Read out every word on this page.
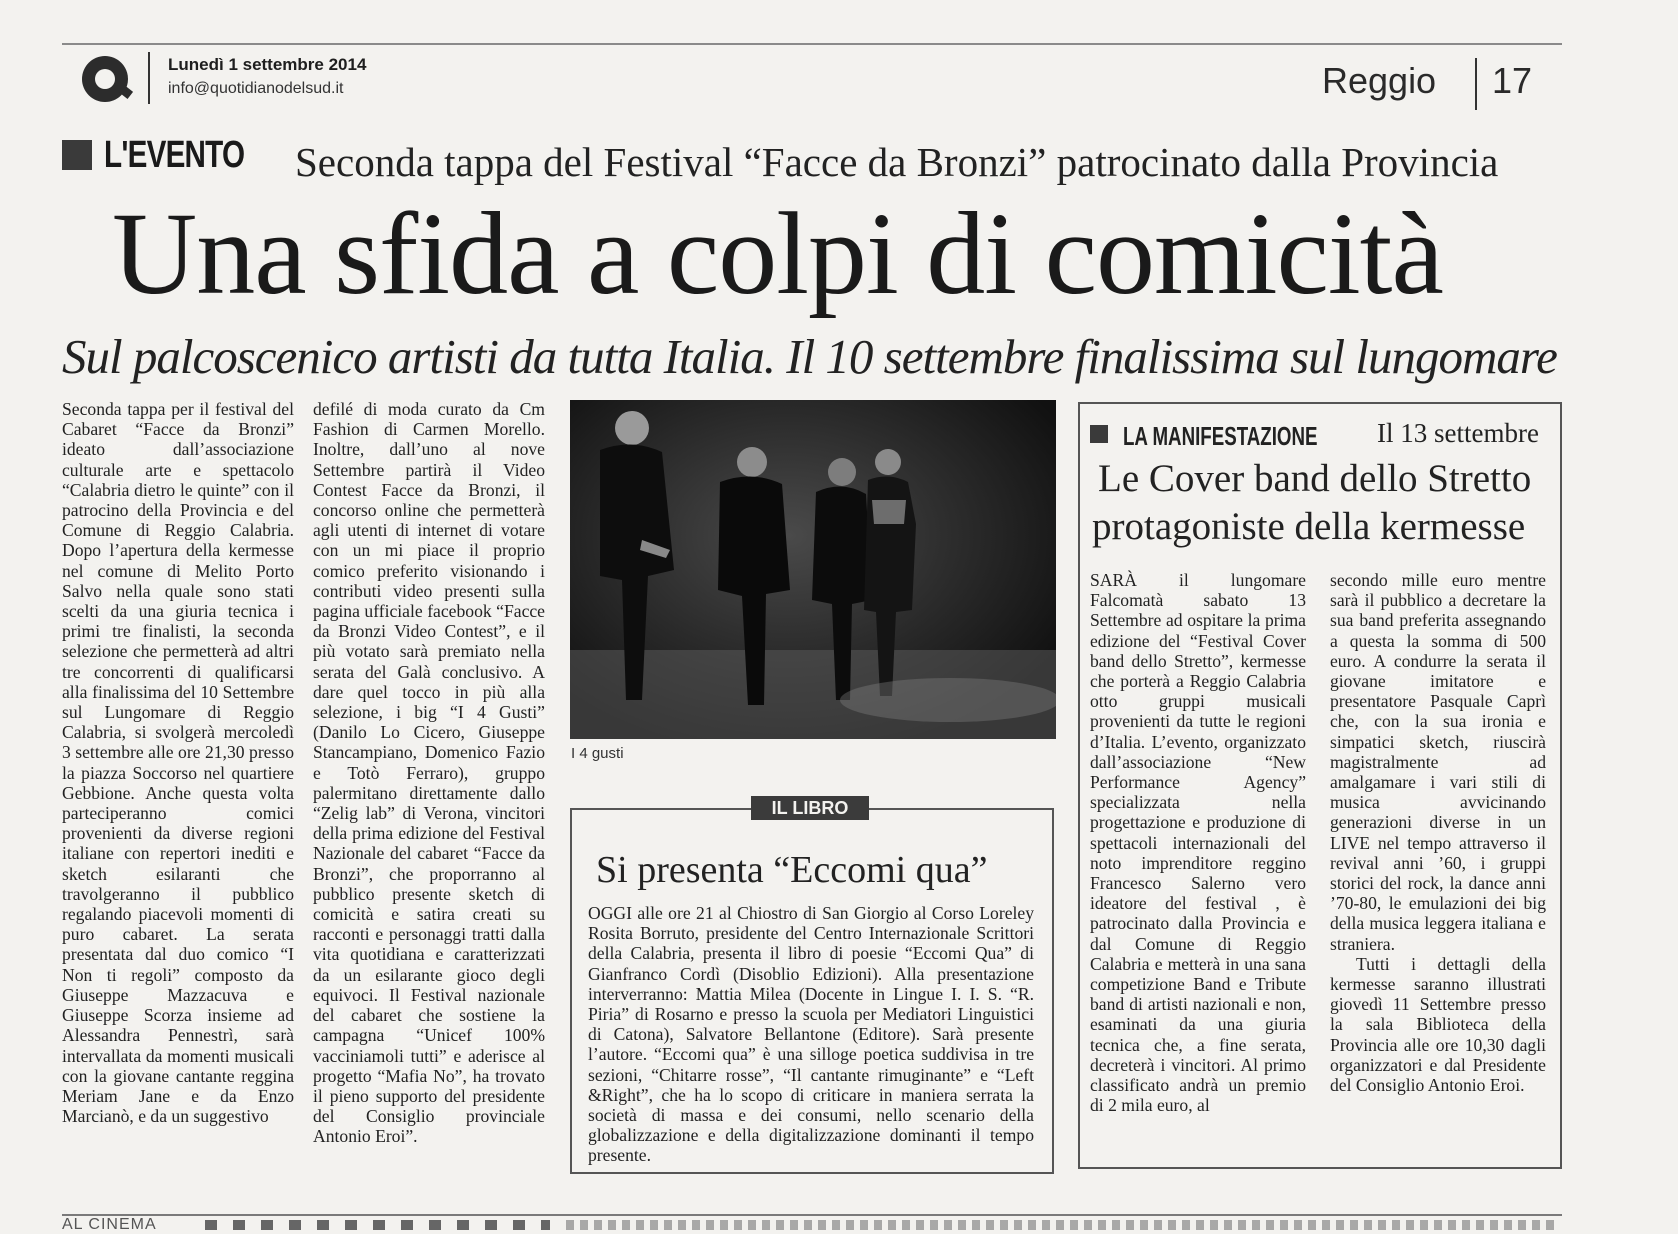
Lunedì 1 settembre 2014
info@quotidianodelsud.it	Reggio 17
L'EVENTO Seconda tappa del Festival “Facce da Bronzi” patrocinato dalla Provincia
Una sfida a colpi di comicità
Sul palcoscenico artisti da tutta Italia. Il 10 settembre finalissima sul lungomare
Seconda tappa per il festival del Cabaret “Facce da Bronzi” ideato dall’associazione culturale arte e spettacolo “Calabria dietro le quinte” con il patrocino della Provincia e del Comune di Reggio Calabria. Dopo l’apertura della kermesse nel comune di Melito Porto Salvo nella quale sono stati scelti da una giuria tecnica i primi tre finalisti, la seconda selezione che permetterà ad altri tre concorrenti di qualificarsi alla finalissima del 10 Settembre sul Lungomare di Reggio Calabria, si svolgerà mercoledì 3 settembre alle ore 21,30 presso la piazza Soccorso nel quartiere Gebbione. Anche questa volta parteciperanno comici provenienti da diverse regioni italiane con repertori inediti e sketch esilaranti che travolgeranno il pubblico regalando piacevoli momenti di puro cabaret. La serata presentata dal duo comico “I Non ti regoli” composto da Giuseppe Mazzacuva e Giuseppe Scorza insieme ad Alessandra Pennestrì, sarà intervallata da momenti musicali con la giovane cantante reggina Meriam Jane e da Enzo Marcianò, e da un suggestivo
defilé di moda curato da Cm Fashion di Carmen Morello. Inoltre, dall’uno al nove Settembre partirà il Video Contest Facce da Bronzi, il concorso online che permetterà agli utenti di internet di votare con un mi piace il proprio comico preferito visionando i contributi video presenti sulla pagina ufficiale facebook “Facce da Bronzi Video Contest”, e il più votato sarà premiato nella serata del Galà conclusivo. A dare quel tocco in più alla selezione, i big “I 4 Gusti” (Danilo Lo Cicero, Giuseppe Stancampiano, Domenico Fazio e Totò Ferraro), gruppo palermitano direttamente dallo “Zelig lab” di Verona, vincitori della prima edizione del Festival Nazionale del cabaret “Facce da Bronzi”, che proporranno al pubblico presente sketch di comicità e satira creati su racconti e personaggi tratti dalla vita quotidiana e caratterizzati da un esilarante gioco degli equivoci. Il Festival nazionale del cabaret che sostiene la campagna “Unicef 100% vacciniamoli tutti” e aderisce al progetto “Mafia No”, ha trovato il pieno supporto del presidente del Consiglio provinciale Antonio Eroi”.
I 4 gusti
IL LIBRO
Si presenta “Eccomi qua”
OGGI alle ore 21 al Chiostro di San Giorgio al Corso Loreley Rosita Borruto, presidente del Centro Internazionale Scrittori della Calabria, presenta il libro di poesie “Eccomi Qua” di Gianfranco Cordì (Disoblio Edizioni). Alla presentazione interverranno: Mattia Milea (Docente in Lingue I. I. S. “R. Piria” di Rosarno e presso la scuola per Mediatori Linguistici di Catona), Salvatore Bellantone (Editore). Sarà presente l’autore. “Eccomi qua” è una silloge poetica suddivisa in tre sezioni, “Chitarre rosse”, “Il cantante rimuginante” e “Left &Right”, che ha lo scopo di criticare in maniera serrata la società di massa e dei consumi, nello scenario della globalizzazione e della digitalizzazione dominanti il tempo presente.
LA MANIFESTAZIONE Il 13 settembre
Le Cover band dello Stretto
protagoniste della kermesse
SARÀ il lungomare Falcomatà sabato 13 Settembre ad ospitare la prima edizione del “Festival Cover band dello Stretto”, kermesse che porterà a Reggio Calabria otto gruppi musicali provenienti da tutte le regioni d’Italia. L’evento, organizzato dall’associazione “New Performance Agency” specializzata nella progettazione e produzione di spettacoli internazionali del noto imprenditore reggino Francesco Salerno vero ideatore del festival , è patrocinato dalla Provincia e dal Comune di Reggio Calabria e metterà in una sana competizione Band e Tribute band di artisti nazionali e non, esaminati da una giuria tecnica che, a fine serata, decreterà i vincitori. Al primo classificato andrà un premio di 2 mila euro, al
secondo mille euro mentre sarà il pubblico a decretare la sua band preferita assegnando a questa la somma di 500 euro. A condurre la serata il giovane imitatore e presentatore Pasquale Caprì che, con la sua ironia e simpatici sketch, riuscirà magistralmente ad amalgamare i vari stili di musica avvicinando generazioni diverse in un LIVE nel tempo attraverso il revival anni ’60, i gruppi storici del rock, la dance anni ’70-80, le emulazioni dei big della musica leggera italiana e straniera.
Tutti i dettagli della kermesse saranno illustrati giovedì 11 Settembre presso la sala Biblioteca della Provincia alle ore 10,30 dagli organizzatori e dal Presidente del Consiglio Antonio Eroi.
AL CINEMA
